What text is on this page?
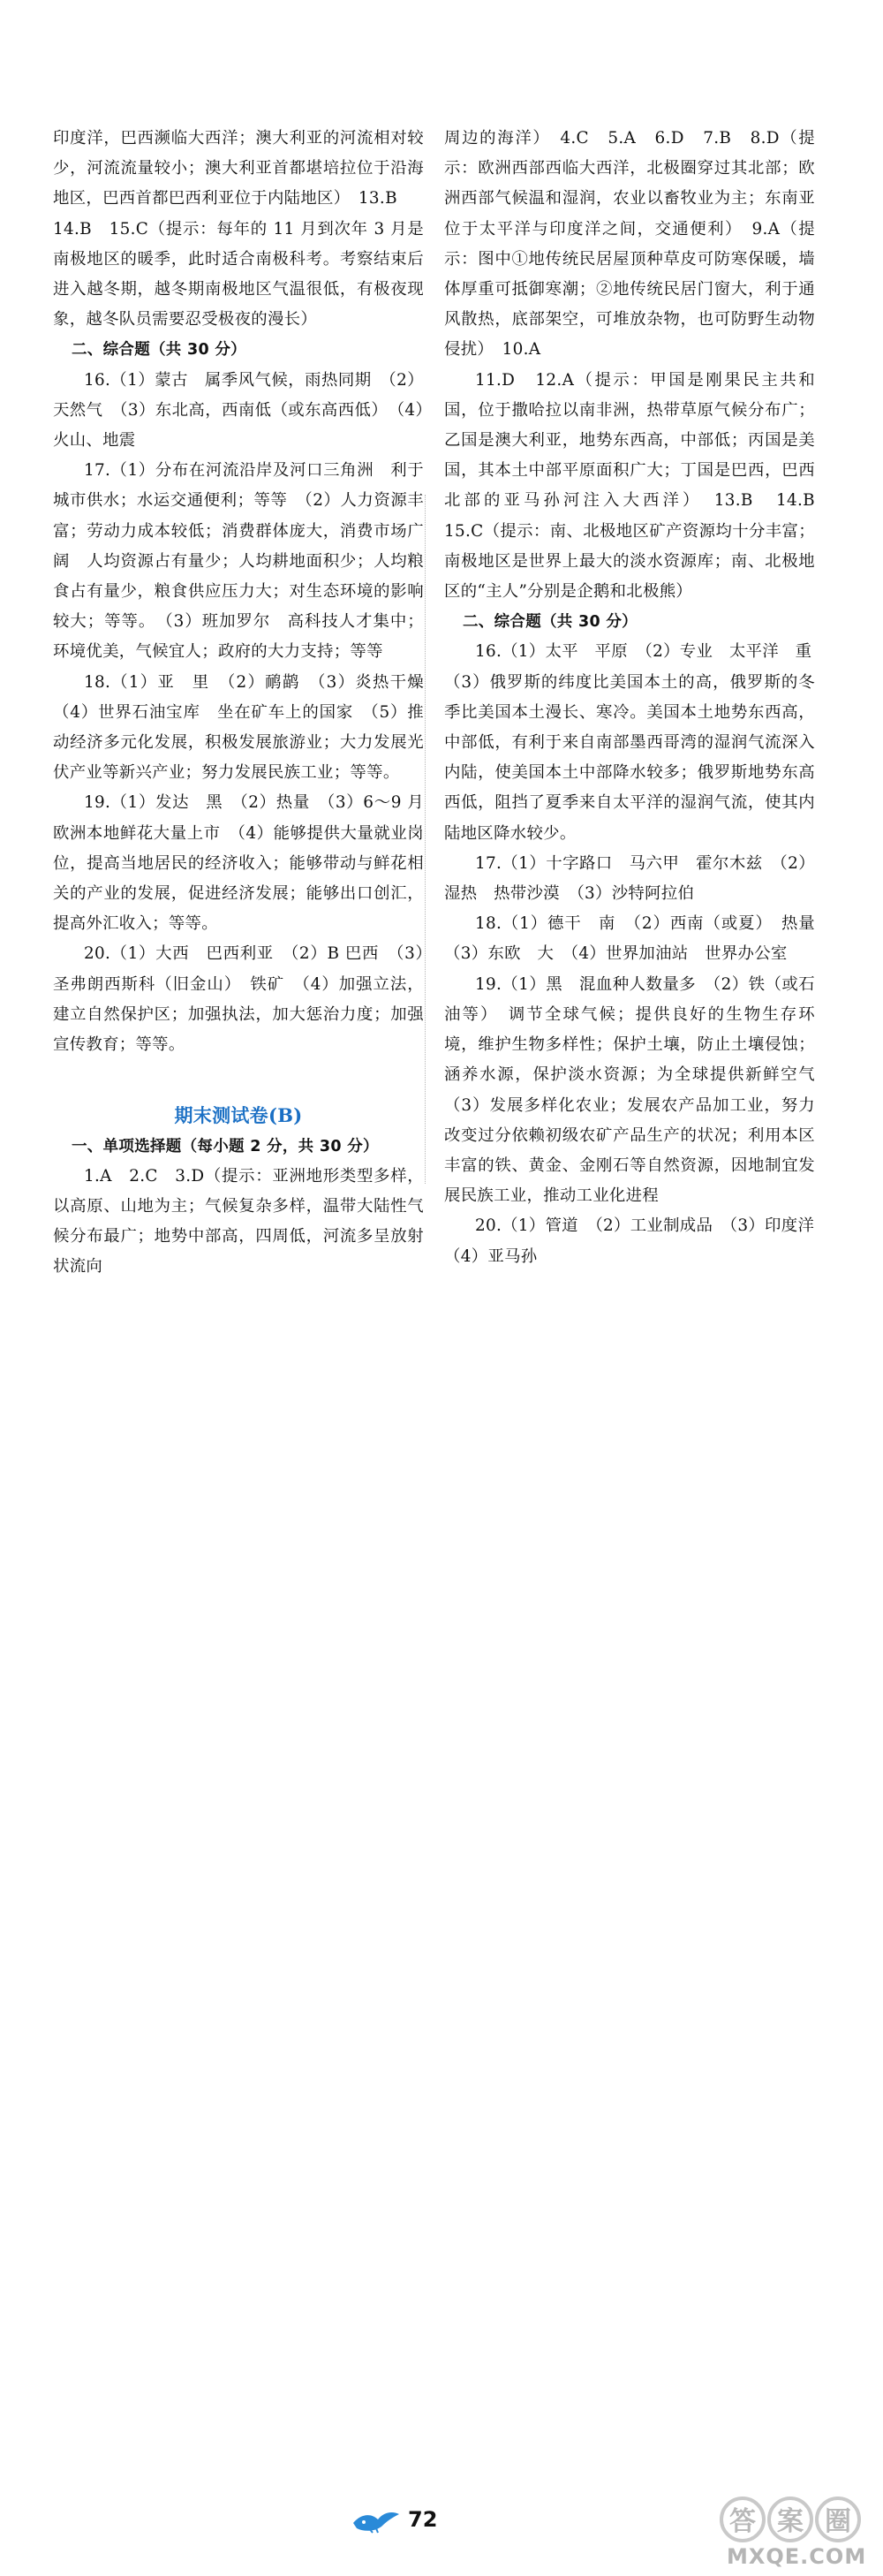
印度洋，巴西濒临大西洋；澳大利亚的河流相对较少，河流流量较小；澳大利亚首都堪培拉位于沿海地区，巴西首都巴西利亚位于内陆地区）　13.B

14.B　15.C（提示：每年的 11 月到次年 3 月是南极地区的暖季，此时适合南极科考。考察结束后进入越冬期，越冬期南极地区气温很低，有极夜现象，越冬队员需要忍受极夜的漫长）

二、综合题（共 30 分）

16.（1）蒙古　属季风气候，雨热同期　（2）天然气　（3）东北高，西南低（或东高西低）　（4）火山、地震

17.（1）分布在河流沿岸及河口三角洲　利于城市供水；水运交通便利；等等　（2）人力资源丰富；劳动力成本较低；消费群体庞大，消费市场广阔　人均资源占有量少；人均耕地面积少；人均粮食占有量少，粮食供应压力大；对生态环境的影响较大；等等。　（3）班加罗尔　高科技人才集中；环境优美，气候宜人；政府的大力支持；等等

18.（1）亚　里　（2）鸸鹋　（3）炎热干燥　（4）世界石油宝库　坐在矿车上的国家　（5）推动经济多元化发展，积极发展旅游业；大力发展光伏产业等新兴产业；努力发展民族工业；等等。

19.（1）发达　黑　（2）热量　（3）6～9 月欧洲本地鲜花大量上市　（4）能够提供大量就业岗位，提高当地居民的经济收入；能够带动与鲜花相关的产业的发展，促进经济发展；能够出口创汇，提高外汇收入；等等。

20.（1）大西　巴西利亚　（2）B 巴西　（3）圣弗朗西斯科（旧金山）　铁矿　（4）加强立法，建立自然保护区；加强执法，加大惩治力度；加强宣传教育；等等。

期末测试卷(B)

一、单项选择题（每小题 2 分，共 30 分）

1.A　2.C　3.D（提示：亚洲地形类型多样，以高原、山地为主；气候复杂多样，温带大陆性气候分布最广；地势中部高，四周低，河流多呈放射状流向

周边的海洋）　4.C　5.A　6.D　7.B　8.D（提示：欧洲西部西临大西洋，北极圈穿过其北部；欧洲西部气候温和湿润，农业以畜牧业为主；东南亚位于太平洋与印度洋之间，交通便利）　9.A（提示：图中①地传统民居屋顶种草皮可防寒保暖，墙体厚重可抵御寒潮；②地传统民居门窗大，利于通风散热，底部架空，可堆放杂物，也可防野生动物侵扰）　10.A

11.D　12.A（提示：甲国是刚果民主共和国，位于撒哈拉以南非洲，热带草原气候分布广；乙国是澳大利亚，地势东西高，中部低；丙国是美国，其本土中部平原面积广大；丁国是巴西，巴西北部的亚马孙河注入大西洋）　13.B　14.B　15.C（提示：南、北极地区矿产资源均十分丰富；南极地区是世界上最大的淡水资源库；南、北极地区的“主人”分别是企鹅和北极熊）

二、综合题（共 30 分）

16.（1）太平　平原　（2）专业　太平洋　重

（3）俄罗斯的纬度比美国本土的高，俄罗斯的冬季比美国本土漫长、寒冷。美国本土地势东西高，中部低，有利于来自南部墨西哥湾的湿润气流深入内陆，使美国本土中部降水较多；俄罗斯地势东高西低，阻挡了夏季来自太平洋的湿润气流，使其内陆地区降水较少。

17.（1）十字路口　马六甲　霍尔木兹　（2）湿热　热带沙漠　（3）沙特阿拉伯

18.（1）德干　南　（2）西南（或夏）　热量　（3）东欧　大　（4）世界加油站　世界办公室

19.（1）黑　混血种人数量多　（2）铁（或石油等）　调节全球气候；提供良好的生物生存环境，维护生物多样性；保护土壤，防止土壤侵蚀；涵养水源，保护淡水资源；为全球提供新鲜空气　（3）发展多样化农业；发展农产品加工业，努力改变过分依赖初级农矿产品生产的状况；利用本区丰富的铁、黄金、金刚石等自然资源，因地制宜发展民族工业，推动工业化进程

20.（1）管道　（2）工业制成品　（3）印度洋

（4）亚马孙

72	答 案 圈
MXQE.COM
